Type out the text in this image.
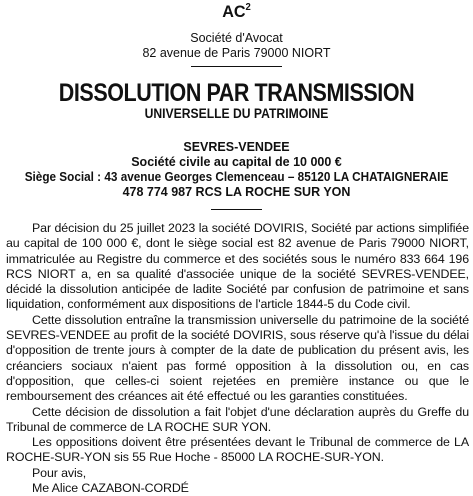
$AC^2$
Société d'Avocat
82 avenue de Paris 79000 NIORT
DISSOLUTION PAR TRANSMISSION
UNIVERSELLE DU PATRIMOINE
SEVRES-VENDEE
Société civile au capital de 10 000 €
Siège Social : 43 avenue Georges Clemenceau – 85120 LA CHATAIGNERAIE
478 774 987 RCS LA ROCHE SUR YON

Par décision du 25 juillet 2023 la société DOVIRIS, Société par actions simplifiée au capital de 100 000 €, dont le siège social est 82 avenue de Paris 79000 NIORT, immatriculée au Registre du commerce et des sociétés sous le numéro 833 664 196 RCS NIORT a, en sa qualité d'associée unique de la société SEVRES-VENDEE, décidé la dissolution anticipée de ladite Société par confusion de patrimoine et sans liquidation, conformément aux dispositions de l'article 1844-5 du Code civil.

Cette dissolution entraîne la transmission universelle du patrimoine de la société SEVRES-VENDEE au profit de la société DOVIRIS, sous réserve qu'à l'issue du délai d'opposition de trente jours à compter de la date de publication du présent avis, les créanciers sociaux n'aient pas formé opposition à la dissolution ou, en cas d'opposition, que celles-ci soient rejetées en première instance ou que le remboursement des créances ait été effectué ou les garanties constituées.

Cette décision de dissolution a fait l'objet d'une déclaration auprès du Greffe du Tribunal de commerce de LA ROCHE SUR YON.

Les oppositions doivent être présentées devant le Tribunal de commerce de LA ROCHE-SUR-YON sis 55 Rue Hoche - 85000 LA ROCHE-SUR-YON.

Pour avis,
Me Alice CAZABON-CORDÉ
